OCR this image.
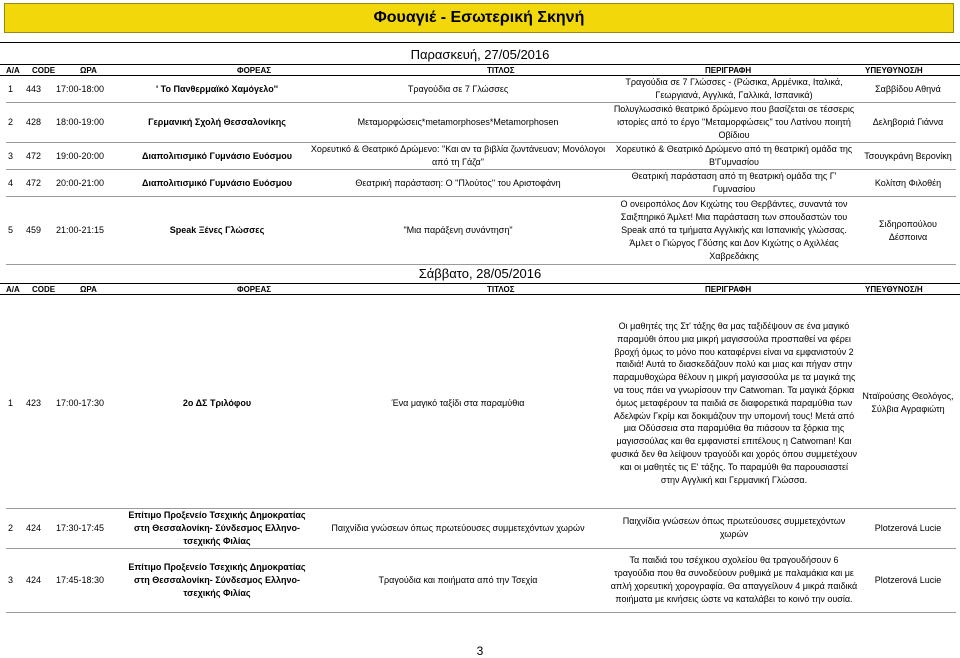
Φουαγιέ - Εσωτερική Σκηνή
Παρασκευή, 27/05/2016
Α/Α CODE	ΩΡΑ	ΦΟΡΕΑΣ	ΤΙΤΛΟΣ	ΠΕΡΙΓΡΑΦΗ	ΥΠΕΥΘΥΝΟΣ/Η
1	443	17:00-18:00	' Το Πανθερμαϊκό Χαμόγελο''	Τραγούδια σε 7 Γλώσσες	Τραγούδια σε 7 Γλώσσες - (Ρώσικα, Αρμένικα, Ιταλικά, Γεωργιανά, Αγγλικά, Γαλλικά, Ισπανικά)	Σαββίδου Αθηνά
2	428	18:00-19:00	Γερμανική Σχολή Θεσσαλονίκης	Μεταμορφώσεις*metamorphoses*Metamorphosen	Πολυγλωσσικό θεατρικό δρώμενο που βασίζεται σε τέσσερις ιστορίες από το έργο "Μεταμορφώσεις" του Λατίνου ποιητή Οβίδιου	Δεληβοριά Γιάννα
3	472	19:00-20:00	Διαπολιτισμικό Γυμνάσιο Ευόσμου	Χορευτικό & Θεατρικό Δρώμενο: "Και αν τα βιβλία ζωντάνευαν; Μονόλογοι από τη Γάζα"	Χορευτικό & Θεατρικό Δρώμενο από τη θεατρική ομάδα της Β'Γυμνασίου	Τσουγκράνη Βερονίκη
4	472	20:00-21:00	Διαπολιτισμικό Γυμνάσιο Ευόσμου	Θεατρική παράσταση: Ο "Πλούτος" του Αριστοφάνη	Θεατρική παράσταση από τη θεατρική ομάδα της Γ' Γυμνασίου	Κολίτση Φιλοθέη
5	459	21:00-21:15	Speak Ξένες Γλώσσες	"Μια παράξενη συνάντηση"	Ο ονειροπόλος Δον Κιχώτης του Θερβάντες, συναντά τον Σαιξπηρικό Άμλετ! Μια παράσταση των σπουδαστών του Speak από τα τμήματα Αγγλικής και Ισπανικής γλώσσας. Άμλετ ο Γιώργος Γδύσης και Δον Κιχώτης ο Αχιλλέας Χαβρεδάκης	Σιδηροπούλου Δέσποινα
Σάββατο, 28/05/2016
Α/Α CODE	ΩΡΑ	ΦΟΡΕΑΣ	ΤΙΤΛΟΣ	ΠΕΡΙΓΡΑΦΗ	ΥΠΕΥΘΥΝΟΣ/Η
1	423	17:00-17:30	2ο ΔΣ Τριλόφου	Ένα μαγικό ταξίδι στα παραμύθια	Οι μαθητές της Στ' τάξης θα μας ταξιδέψουν σε ένα μαγικό παραμύθι όπου μια μικρή μαγισσούλα προσπαθεί να φέρει βροχή όμως το μόνο που καταφέρνει είναι να εμφανιστούν 2 παιδιά! Αυτά το διασκεδάζουν πολύ και μιας και πήγαν στην παραμυθοχώρα θέλουν η μικρή μαγισσούλα με τα μαγικά της να τους πάει να γνωρίσουν την Catwoman. Τα μαγικά ξόρκια όμως μεταφέρουν τα παιδιά σε διαφορετικά παραμύθια των Αδελφών Γκρίμ και δοκιμάζουν την υπομονή τους! Μετά από μια Οδύσσεια στα παραμύθια θα πιάσουν τα ξόρκια της μαγισσούλας και θα εμφανιστεί επιτέλους η Catwoman! Και φυσικά δεν θα λείψουν τραγούδι και χορός όπου συμμετέχουν και οι μαθητές τις Ε' τάξης. Το παραμύθι θα παρουσιαστεί στην Αγγλική και Γερμανική Γλώσσα.	Νταϊρούσης Θεολόγος, Σύλβια Αγραφιώτη
2	424	17:30-17:45	Επίτιμο Προξενείο Τσεχικής Δημοκρατίας στη Θεσσαλονίκη- Σύνδεσμος Ελληνο-τσεχικής Φιλίας	Παιχνίδια γνώσεων όπως πρωτεύουσες συμμετεχόντων χωρών	Παιχνίδια γνώσεων όπως πρωτεύουσες συμμετεχόντων χωρών	Plotzerová Lucie
3	424	17:45-18:30	Επίτιμο Προξενείο Τσεχικής Δημοκρατίας στη Θεσσαλονίκη- Σύνδεσμος Ελληνο-τσεχικής Φιλίας	Τραγούδια και ποιήματα από την Τσεχία	Τα παιδιά του τσέχικου σχολείου θα τραγουδήσουν 6 τραγούδια που θα συνοδεύουν ρυθμικά με παλαμάκια και με απλή χορευτική χορογραφία. Θα απαγγείλουν 4 μικρά παιδικά ποιήματα με κινήσεις ώστε να καταλάβει το κοινό την ουσία.	Plotzerová Lucie
3
